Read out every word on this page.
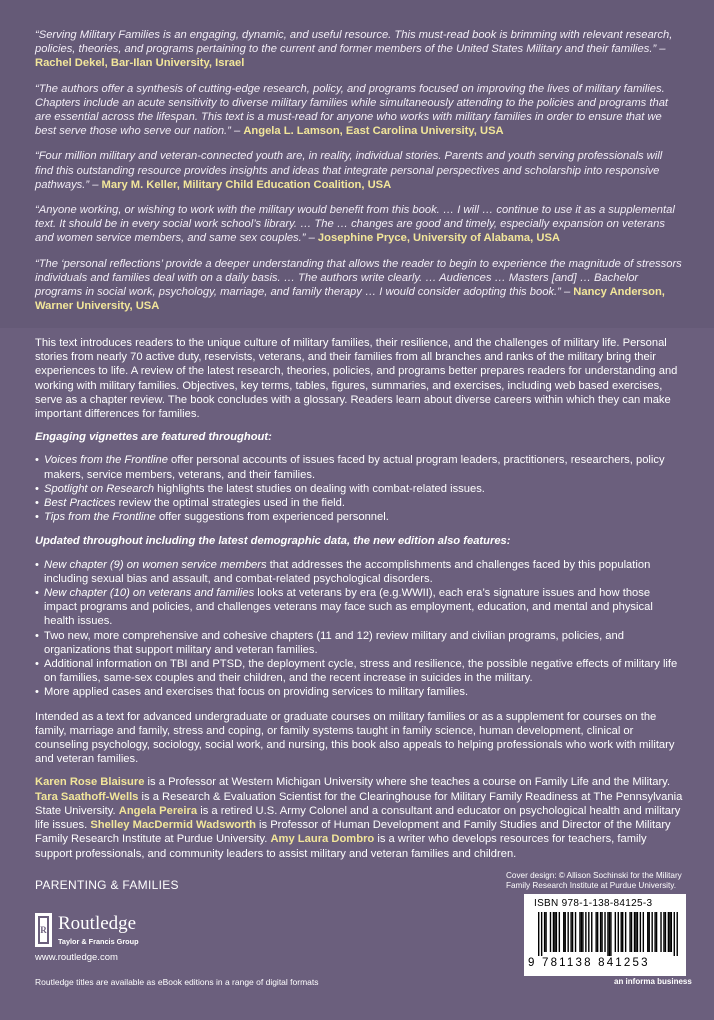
“Serving Military Families is an engaging, dynamic, and useful resource. This must-read book is brimming with relevant research, policies, theories, and programs pertaining to the current and former members of the United States Military and their families.” – Rachel Dekel, Bar-Ilan University, Israel

“The authors offer a synthesis of cutting-edge research, policy, and programs focused on improving the lives of military families. Chapters include an acute sensitivity to diverse military families while simultaneously attending to the policies and programs that are essential across the lifespan. This text is a must-read for anyone who works with military families in order to ensure that we best serve those who serve our nation.” – Angela L. Lamson, East Carolina University, USA

“Four million military and veteran-connected youth are, in reality, individual stories. Parents and youth serving professionals will find this outstanding resource provides insights and ideas that integrate personal perspectives and scholarship into responsive pathways.” – Mary M. Keller, Military Child Education Coalition, USA

“Anyone working, or wishing to work with the military would benefit from this book. … I will … continue to use it as a supplemental text. It should be in every social work school’s library. … The … changes are good and timely, especially expansion on veterans and women service members, and same sex couples.” – Josephine Pryce, University of Alabama, USA

“The ‘personal reflections’ provide a deeper understanding that allows the reader to begin to experience the magnitude of stressors individuals and families deal with on a daily basis. … The authors write clearly. … Audiences … Masters [and] … Bachelor programs in social work, psychology, marriage, and family therapy … I would consider adopting this book.” – Nancy Anderson, Warner University, USA

This text introduces readers to the unique culture of military families, their resilience, and the challenges of military life. Personal stories from nearly 70 active duty, reservists, veterans, and their families from all branches and ranks of the military bring their experiences to life. A review of the latest research, theories, policies, and programs better prepares readers for understanding and working with military families. Objectives, key terms, tables, figures, summaries, and exercises, including web based exercises, serve as a chapter review. The book concludes with a glossary. Readers learn about diverse careers within which they can make important differences for families.

Engaging vignettes are featured throughout:

• Voices from the Frontline offer personal accounts of issues faced by actual program leaders, practitioners, researchers, policy makers, service members, veterans, and their families.
• Spotlight on Research highlights the latest studies on dealing with combat-related issues.
• Best Practices review the optimal strategies used in the field.
• Tips from the Frontline offer suggestions from experienced personnel.

Updated throughout including the latest demographic data, the new edition also features:

• New chapter (9) on women service members that addresses the accomplishments and challenges faced by this population including sexual bias and assault, and combat-related psychological disorders.
• New chapter (10) on veterans and families looks at veterans by era (e.g.WWII), each era’s signature issues and how those impact programs and policies, and challenges veterans may face such as employment, education, and mental and physical health issues.
• Two new, more comprehensive and cohesive chapters (11 and 12) review military and civilian programs, policies, and organizations that support military and veteran families.
• Additional information on TBI and PTSD, the deployment cycle, stress and resilience, the possible negative effects of military life on families, same-sex couples and their children, and the recent increase in suicides in the military.
• More applied cases and exercises that focus on providing services to military families.

Intended as a text for advanced undergraduate or graduate courses on military families or as a supplement for courses on the family, marriage and family, stress and coping, or family systems taught in family science, human development, clinical or counseling psychology, sociology, social work, and nursing, this book also appeals to helping professionals who work with military and veteran families.

Karen Rose Blaisure is a Professor at Western Michigan University where she teaches a course on Family Life and the Military. Tara Saathoff-Wells is a Research & Evaluation Scientist for the Clearinghouse for Military Family Readiness at The Pennsylvania State University. Angela Pereira is a retired U.S. Army Colonel and a consultant and educator on psychological health and military life issues. Shelley MacDermid Wadsworth is Professor of Human Development and Family Studies and Director of the Military Family Research Institute at Purdue University. Amy Laura Dombro is a writer who develops resources for teachers, family support professionals, and community leaders to assist military and veteran families and children.

PARENTING & FAMILIES
Cover design: © Allison Sochinski for the Military Family Research Institute at Purdue University.
ISBN 978-1-138-84125-3
9 781138 841253
R Routledge
Taylor & Francis Group
www.routledge.com
Routledge titles are available as eBook editions in a range of digital formats	an informa business
